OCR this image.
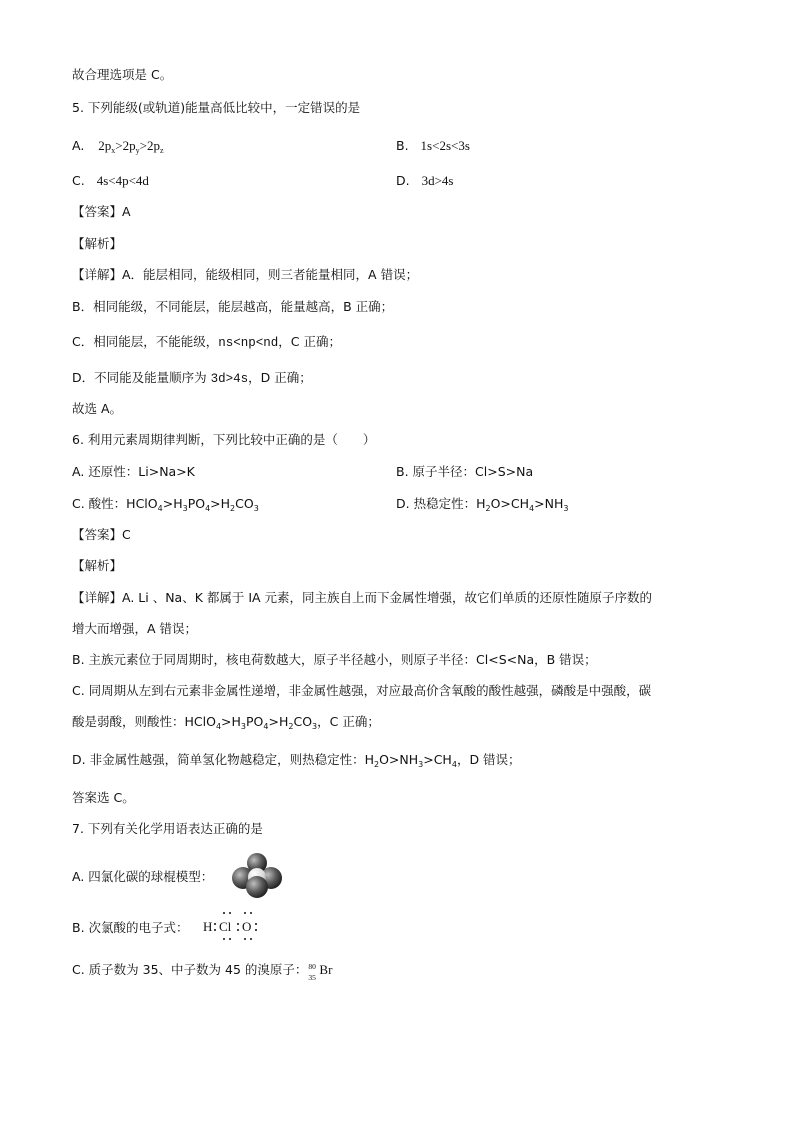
故合理选项是 C。
5. 下列能级(或轨道)能量高低比较中，一定错误的是
A. $2p_x>2p_y>2p_z$	B. 1s<2s<3s
C. 4s<4p<4d	D. 3d>4s
【答案】A
【解析】
【详解】A．能层相同，能级相同，则三者能量相同，A 错误；
B．相同能级，不同能层，能层越高，能量越高，B 正确；
C．相同能层，不能能级，ns<np<nd，C 正确；
D．不同能及能量顺序为 3d>4s，D 正确；
故选 A。
6. 利用元素周期律判断，下列比较中正确的是（　　）
A. 还原性：Li>Na>K	B. 原子半径：Cl>S>Na
C. 酸性：$HClO_4>H_3PO_4>H_2CO_3$	D. 热稳定性：$H_2O>CH_4>NH_3$
【答案】C
【解析】
【详解】A. Li 、Na、K 都属于 IA 元素，同主族自上而下金属性增强，故它们单质的还原性随原子序数的
增大而增强，A 错误；
B. 主族元素位于同周期时，核电荷数越大，原子半径越小，则原子半径：Cl<S<Na，B 错误；
C. 同周期从左到右元素非金属性递增，非金属性越强，对应最高价含氧酸的酸性越强，磷酸是中强酸，碳
酸是弱酸，则酸性：$HClO_4>H_3PO_4>H_2CO_3$，C 正确；
D. 非金属性越强，简单氢化物越稳定，则热稳定性：$H_2O>NH_3>CH_4$，D 错误；
答案选 C。
7. 下列有关化学用语表达正确的是
A. 四氯化碳的球棍模型：
B. 次氯酸的电子式： H Cl O
C. 质子数为 35、中子数为 45 的溴原子： 80
35 Br
